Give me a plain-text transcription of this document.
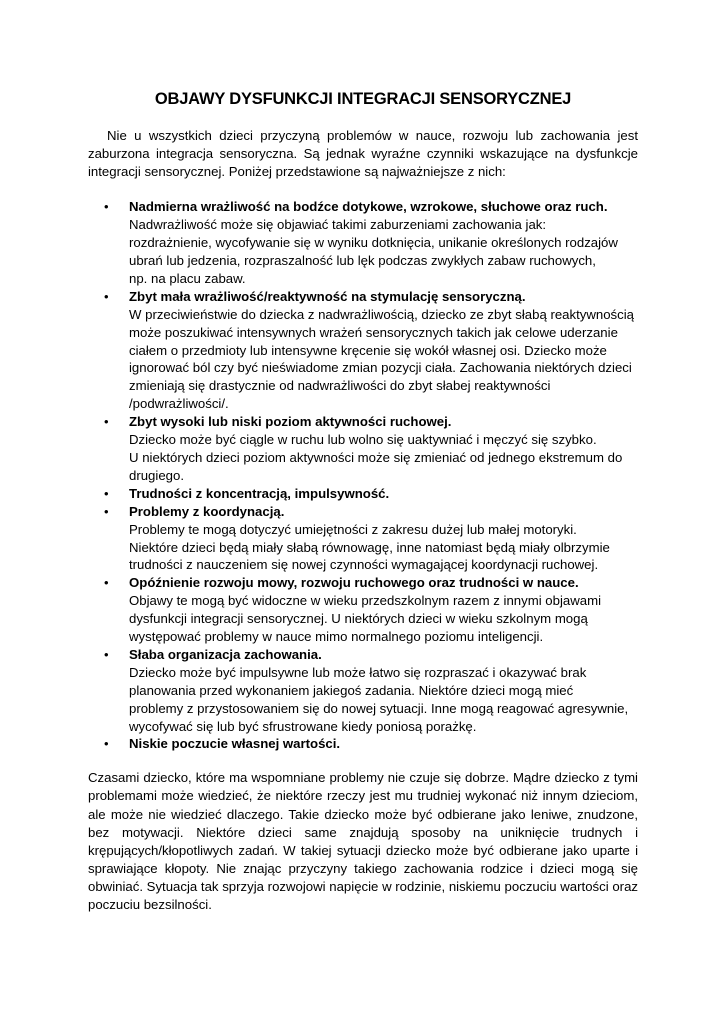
OBJAWY DYSFUNKCJI INTEGRACJI SENSORYCZNEJ

Nie u wszystkich dzieci przyczyną problemów w nauce, rozwoju lub zachowania jest zaburzona integracja sensoryczna. Są jednak wyraźne czynniki wskazujące na dysfunkcje integracji sensorycznej. Poniżej przedstawione są najważniejsze z nich:

• Nadmierna wrażliwość na bodźce dotykowe, wzrokowe, słuchowe oraz ruch.
Nadwrażliwość może się objawiać takimi zaburzeniami zachowania jak:
rozdrażnienie, wycofywanie się w wyniku dotknięcia, unikanie określonych rodzajów
ubrań lub jedzenia, rozpraszalność lub lęk podczas zwykłych zabaw ruchowych,
np. na placu zabaw.
• Zbyt mała wrażliwość/reaktywność na stymulację sensoryczną.
W przeciwieństwie do dziecka z nadwrażliwością, dziecko ze zbyt słabą reaktywnością
może poszukiwać intensywnych wrażeń sensorycznych takich jak celowe uderzanie
ciałem o przedmioty lub intensywne kręcenie się wokół własnej osi. Dziecko może
ignorować ból czy być nieświadome zmian pozycji ciała. Zachowania niektórych dzieci
zmieniają się drastycznie od nadwrażliwości do zbyt słabej reaktywności
/podwrażliwości/.
• Zbyt wysoki lub niski poziom aktywności ruchowej.
Dziecko może być ciągle w ruchu lub wolno się uaktywniać i męczyć się szybko.
U niektórych dzieci poziom aktywności może się zmieniać od jednego ekstremum do
drugiego.
• Trudności z koncentracją, impulsywność.
• Problemy z koordynacją.
Problemy te mogą dotyczyć umiejętności z zakresu dużej lub małej motoryki.
Niektóre dzieci będą miały słabą równowagę, inne natomiast będą miały olbrzymie
trudności z nauczeniem się nowej czynności wymagającej koordynacji ruchowej.
• Opóźnienie rozwoju mowy, rozwoju ruchowego oraz trudności w nauce.
Objawy te mogą być widoczne w wieku przedszkolnym razem z innymi objawami
dysfunkcji integracji sensorycznej. U niektórych dzieci w wieku szkolnym mogą
występować problemy w nauce mimo normalnego poziomu inteligencji.
• Słaba organizacja zachowania.
Dziecko może być impulsywne lub może łatwo się rozpraszać i okazywać brak
planowania przed wykonaniem jakiegoś zadania. Niektóre dzieci mogą mieć
problemy z przystosowaniem się do nowej sytuacji. Inne mogą reagować agresywnie,
wycofywać się lub być sfrustrowane kiedy poniosą porażkę.
• Niskie poczucie własnej wartości.

Czasami dziecko, które ma wspomniane problemy nie czuje się dobrze. Mądre dziecko z tymi problemami może wiedzieć, że niektóre rzeczy jest mu trudniej wykonać niż innym dzieciom, ale może nie wiedzieć dlaczego. Takie dziecko może być odbierane jako leniwe, znudzone, bez motywacji. Niektóre dzieci same znajdują sposoby na uniknięcie trudnych i krępujących/kłopotliwych zadań. W takiej sytuacji dziecko może być odbierane jako uparte i sprawiające kłopoty. Nie znając przyczyny takiego zachowania rodzice i dzieci mogą się obwiniać. Sytuacja tak sprzyja rozwojowi napięcie w rodzinie, niskiemu poczuciu wartości oraz poczuciu bezsilności.
